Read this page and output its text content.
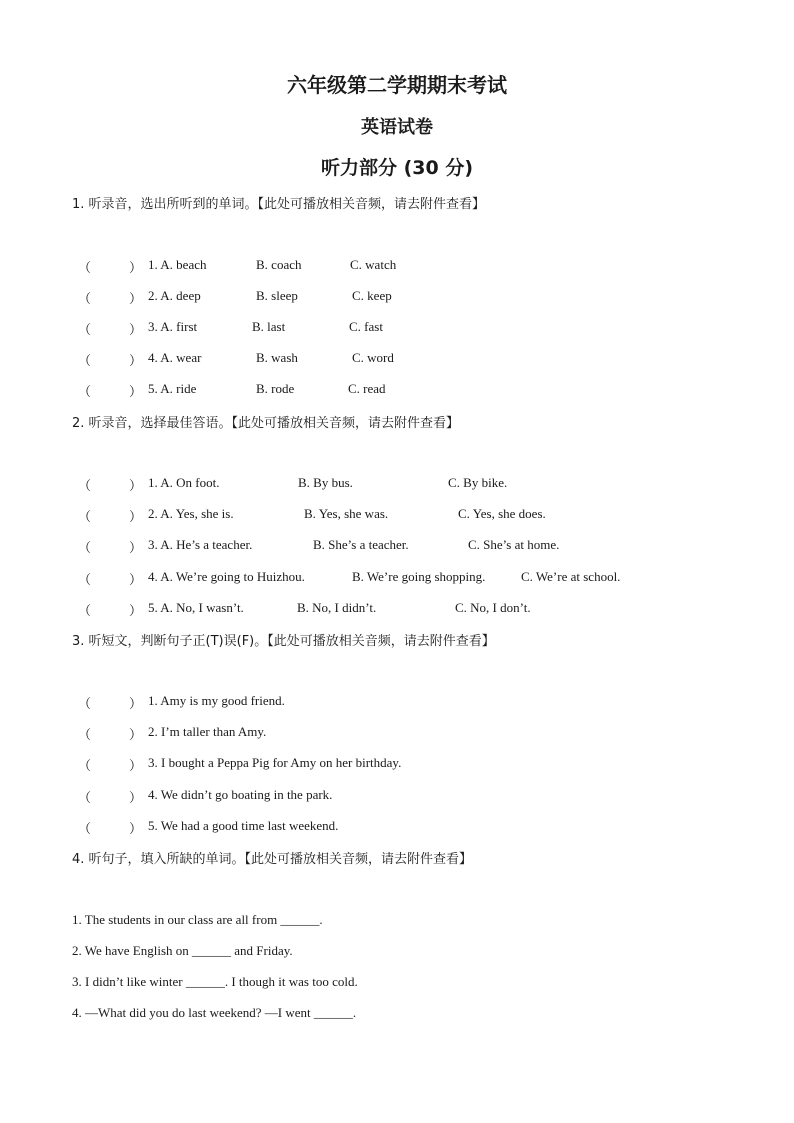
六年级第二学期期末考试
英语试卷
听力部分 (30 分)
1. 听录音，选出所听到的单词。【此处可播放相关音频，请去附件查看】
（	） 1. A. beach	B. coach	C. watch
（	） 2. A. deep	B. sleep	C. keep
（	） 3. A. first	B. last	C. fast
（	） 4. A. wear	B. wash	C. word
（	） 5. A. ride	B. rode	C. read
2. 听录音，选择最佳答语。【此处可播放相关音频，请去附件查看】
（	） 1. A. On foot.	B. By bus.	C. By bike.
（	） 2. A. Yes, she is.	B. Yes, she was.	C. Yes, she does.
（	） 3. A. He’s a teacher.	B. She’s a teacher.	C. She’s at home.
（	） 4. A. We’re going to Huizhou.	B. We’re going shopping.	C. We’re at school.
（	） 5. A. No, I wasn’t.	B. No, I didn’t.	C. No, I don’t.
3. 听短文，判断句子正(T)误(F)。【此处可播放相关音频，请去附件查看】
（	） 1. Amy is my good friend.
（	） 2. I’m taller than Amy.
（	） 3. I bought a Peppa Pig for Amy on her birthday.
（	） 4. We didn’t go boating in the park.
（	） 5. We had a good time last weekend.
4. 听句子，填入所缺的单词。【此处可播放相关音频，请去附件查看】
1. The students in our class are all from ______.
2. We have English on ______ and Friday.
3. I didn’t like winter ______. I though it was too cold.
4. —What did you do last weekend? —I went ______.
